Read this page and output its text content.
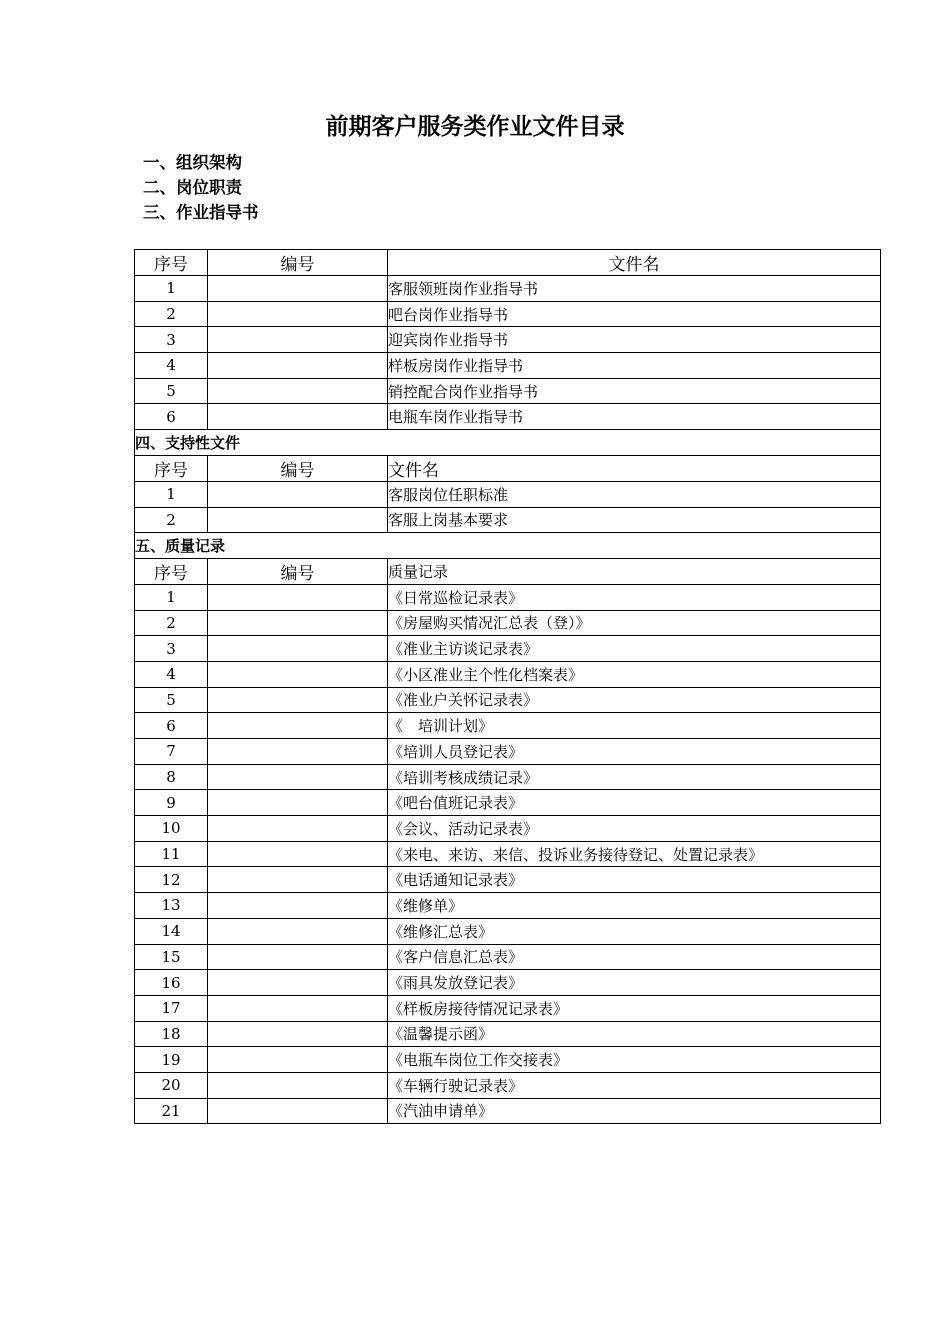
前期客户服务类作业文件目录
一、组织架构
二、岗位职责
三、作业指导书
序号	编号	文件名
1		客服领班岗作业指导书
2		吧台岗作业指导书
3		迎宾岗作业指导书
4		样板房岗作业指导书
5		销控配合岗作业指导书
6		电瓶车岗作业指导书
四、支持性文件		
序号	编号	文件名
1		客服岗位任职标准
2		客服上岗基本要求
五、质量记录		
序号	编号	质量记录
1		《日常巡检记录表》
2		《房屋购买情况汇总表（登）》
3		《准业主访谈记录表》
4		《小区准业主个性化档案表》
5		《准业户关怀记录表》
6		《　培训计划》
7		《培训人员登记表》
8		《培训考核成绩记录》
9		《吧台值班记录表》
10		《会议、活动记录表》
11		《来电、来访、来信、投诉业务接待登记、处置记录表》
12		《电话通知记录表》
13		《维修单》
14		《维修汇总表》
15		《客户信息汇总表》
16		《雨具发放登记表》
17		《样板房接待情况记录表》
18		《温馨提示函》
19		《电瓶车岗位工作交接表》
20		《车辆行驶记录表》
21		《汽油申请单》
